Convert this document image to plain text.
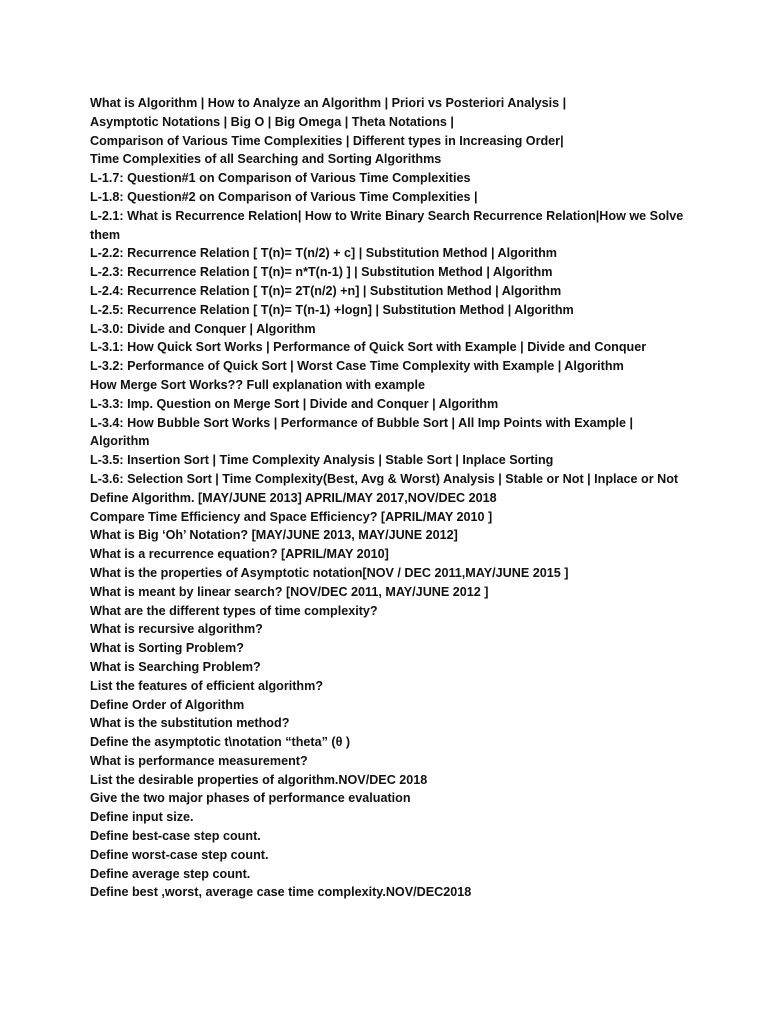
What is Algorithm | How to Analyze an Algorithm | Priori vs Posteriori Analysis |

Asymptotic Notations | Big O | Big Omega | Theta Notations |

Comparison of Various Time Complexities | Different types in Increasing Order|

Time Complexities of all Searching and Sorting Algorithms

L-1.7: Question#1 on Comparison of Various Time Complexities

L-1.8: Question#2 on Comparison of Various Time Complexities |

L-2.1: What is Recurrence Relation| How to Write Binary Search Recurrence Relation|How we Solve them

L-2.2: Recurrence Relation [ T(n)= T(n/2) + c] | Substitution Method | Algorithm

L-2.3: Recurrence Relation [ T(n)= n*T(n-1) ] | Substitution Method | Algorithm

L-2.4: Recurrence Relation [ T(n)= 2T(n/2) +n] | Substitution Method | Algorithm

L-2.5: Recurrence Relation [ T(n)= T(n-1) +logn] | Substitution Method | Algorithm

L-3.0: Divide and Conquer | Algorithm

L-3.1: How Quick Sort Works | Performance of Quick Sort with Example | Divide and Conquer

L-3.2: Performance of Quick Sort | Worst Case Time Complexity with Example | Algorithm

How Merge Sort Works?? Full explanation with example

L-3.3: Imp. Question on Merge Sort | Divide and Conquer | Algorithm

L-3.4: How Bubble Sort Works | Performance of Bubble Sort | All Imp Points with Example | Algorithm

L-3.5: Insertion Sort | Time Complexity Analysis | Stable Sort | Inplace Sorting

L-3.6: Selection Sort | Time Complexity(Best, Avg & Worst) Analysis | Stable or Not | Inplace or Not

Define Algorithm. [MAY/JUNE 2013] APRIL/MAY 2017,NOV/DEC 2018

Compare Time Efficiency and Space Efficiency? [APRIL/MAY 2010 ]

What is Big ‘Oh’ Notation? [MAY/JUNE 2013, MAY/JUNE 2012]

What is a recurrence equation? [APRIL/MAY 2010]

What is the properties of Asymptotic notation[NOV / DEC 2011,MAY/JUNE 2015 ]

What is meant by linear search? [NOV/DEC 2011, MAY/JUNE 2012 ]

What are the different types of time complexity?

What is recursive algorithm?

What is Sorting Problem?

What is Searching Problem?

List the features of efficient algorithm?

Define Order of Algorithm

What is the substitution method?

Define the asymptotic t\notation “theta” (θ )

What is performance measurement?

List the desirable properties of algorithm.NOV/DEC 2018

Give the two major phases of performance evaluation

Define input size.

Define best-case step count.

Define worst-case step count.

Define average step count.

Define best ,worst, average case time complexity.NOV/DEC2018
